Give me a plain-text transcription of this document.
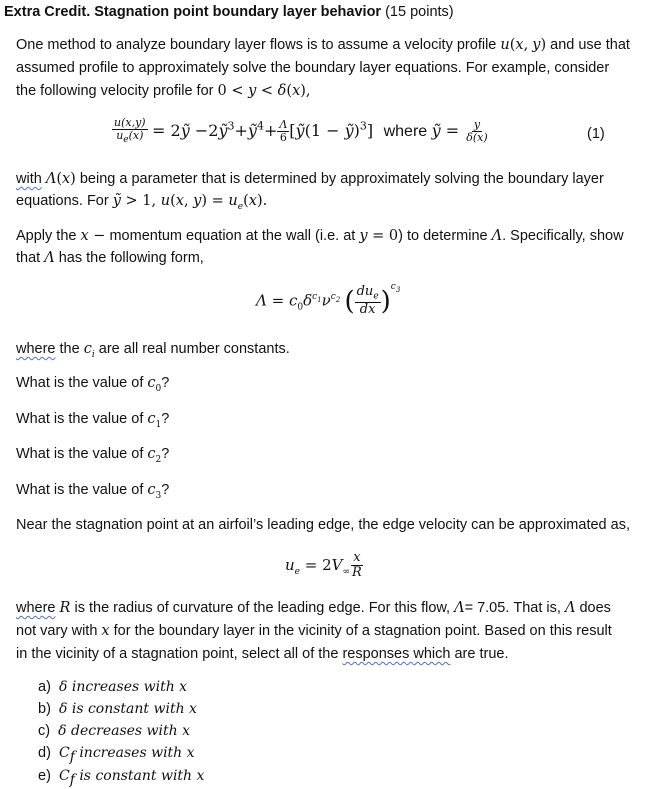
Extra Credit. Stagnation point boundary layer behavior (15 points)
One method to analyze boundary layer flows is to assume a velocity profile u(x, y) and use that
assumed profile to approximately solve the boundary layer equations. For example, consider
the following velocity profile for 0 < y < δ(x),
$\frac{u(x,y)}{u_e(x)}$ = 2ỹ −2ỹ$^3$+ỹ$^4$+ $\frac{\Lambda}{6}$ [ỹ(1 − ỹ)$^3$] where ỹ = $\frac{y}{\delta(x)}$	(1)
with Λ(x) being a parameter that is determined by approximately solving the boundary layer
equations. For ỹ > 1, u(x, $y) = u_e(x)$.
Apply the x − momentum equation at the wall (i.e. at y = 0) to determine Λ. Specifically, show
that Λ has the following form,
$\Lambda = c_0\delta^{c_1}\nu^{c_2}$ ( $\frac{du_e}{dx} )^{c_3}$
where the $c_i$ are all real number constants.
What is the value of $c_0$?
What is the value of $c_1$?
What is the value of $c_2$?
What is the value of $c_3$?
Near the stagnation point at an airfoil’s leading edge, the edge velocity can be approximated as,
$u_e = 2V_\infty \frac{x}{R}$
where R is the radius of curvature of the leading edge. For this flow, Λ= 7.05. That is, Λ does
not vary with x for the boundary layer in the vicinity of a stagnation point. Based on this result
in the vicinity of a stagnation point, select all of the responses which are true.
a) δ increases with x
b) δ is constant with x
c) δ decreases with x
d) $C_f$ increases with x
e) $C_f$ is constant with x
